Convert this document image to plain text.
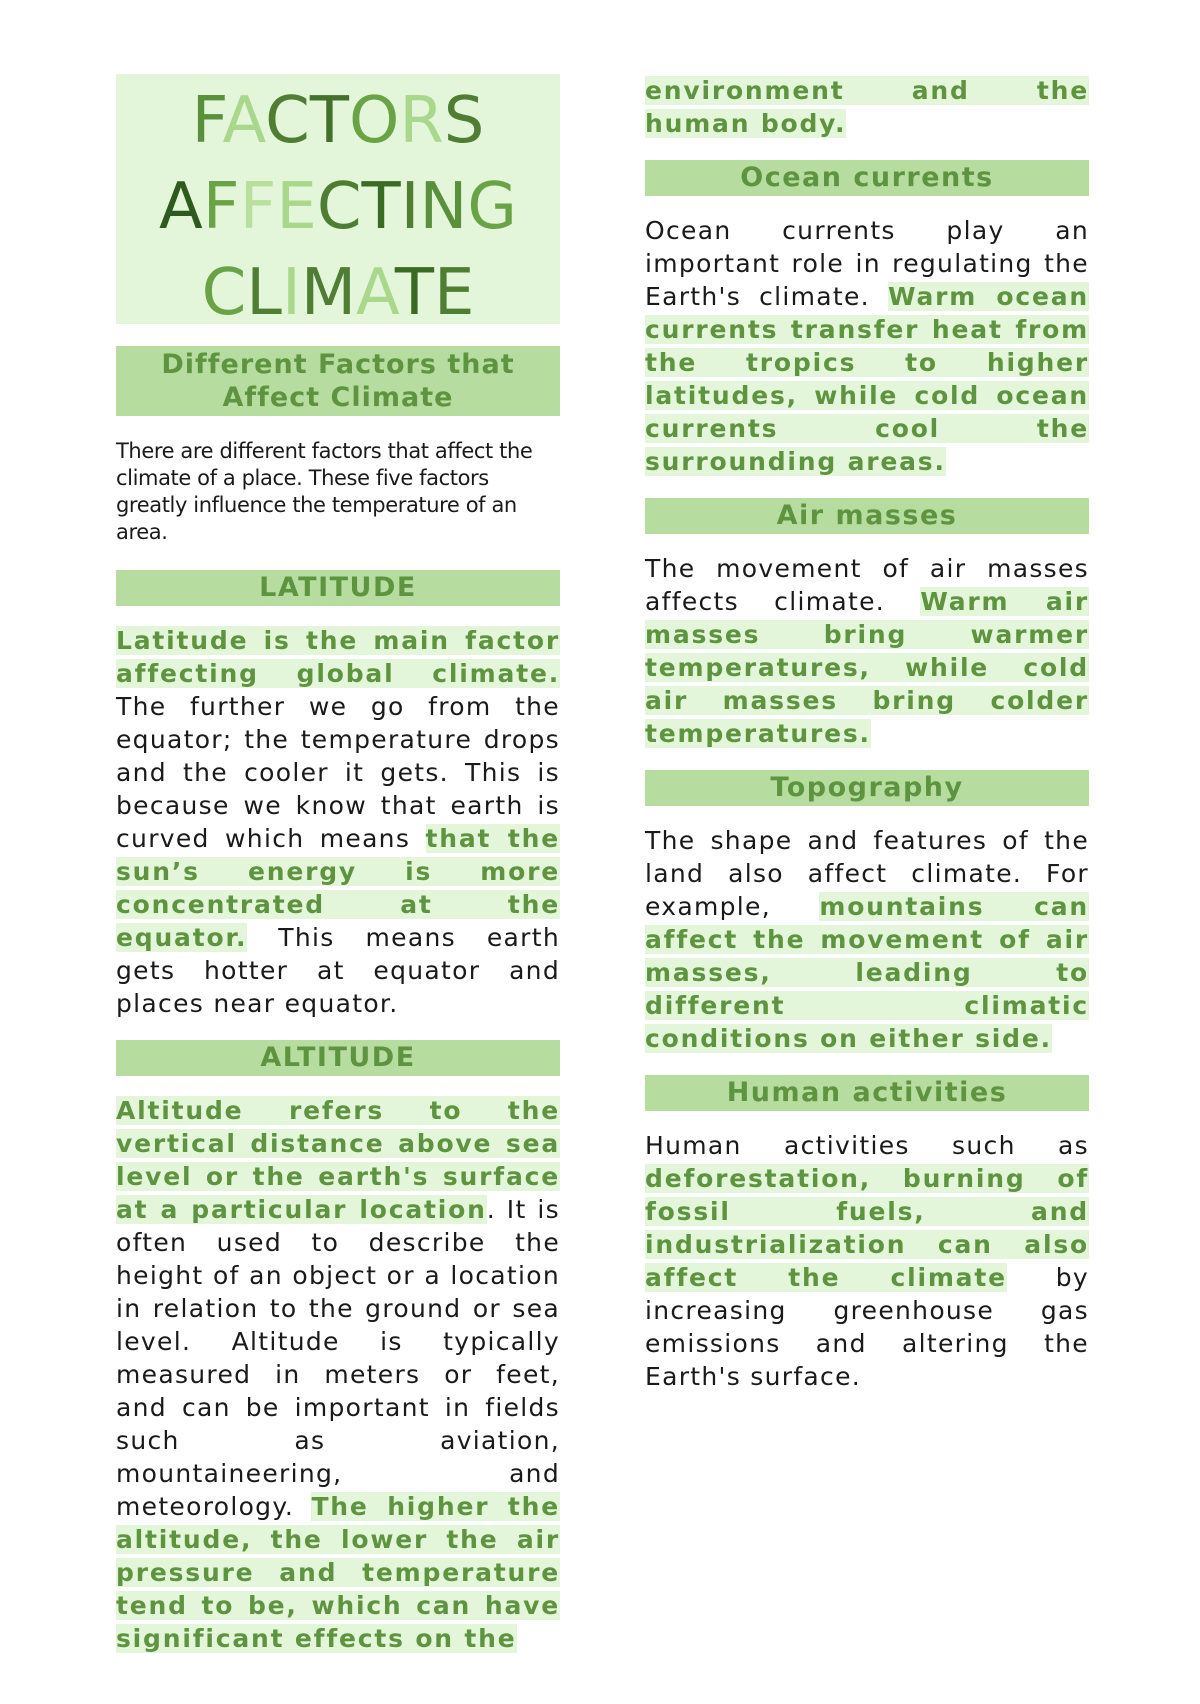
FACTORS
AFFECTING
CLIMATE
Different Factors that Affect Climate
There are different factors that affect the climate of a place. These five factors greatly influence the temperature of an area.
LATITUDE
Latitude is the main factor affecting global climate. The further we go from the equator; the temperature drops and the cooler it gets. This is because we know that earth is curved which means that the sun’s energy is more concentrated at the equator. This means earth gets hotter at equator and places near equator.
ALTITUDE
Altitude refers to the vertical distance above sea level or the earth's surface at a particular location. It is often used to describe the height of an object or a location in relation to the ground or sea level. Altitude is typically measured in meters or feet, and can be important in fields such as aviation, mountaineering, and meteorology. The higher the altitude, the lower the air pressure and temperature tend to be, which can have significant effects on the
environment and the human body.
Ocean currents
Ocean currents play an important role in regulating the Earth's climate. Warm ocean currents transfer heat from the tropics to higher latitudes, while cold ocean currents cool the surrounding areas.
Air masses
The movement of air masses affects climate. Warm air masses bring warmer temperatures, while cold air masses bring colder temperatures.
Topography
The shape and features of the land also affect climate. For example, mountains can affect the movement of air masses, leading to different climatic conditions on either side.
Human activities
Human activities such as deforestation, burning of fossil fuels, and industrialization can also affect the climate by increasing greenhouse gas emissions and altering the Earth's surface.
